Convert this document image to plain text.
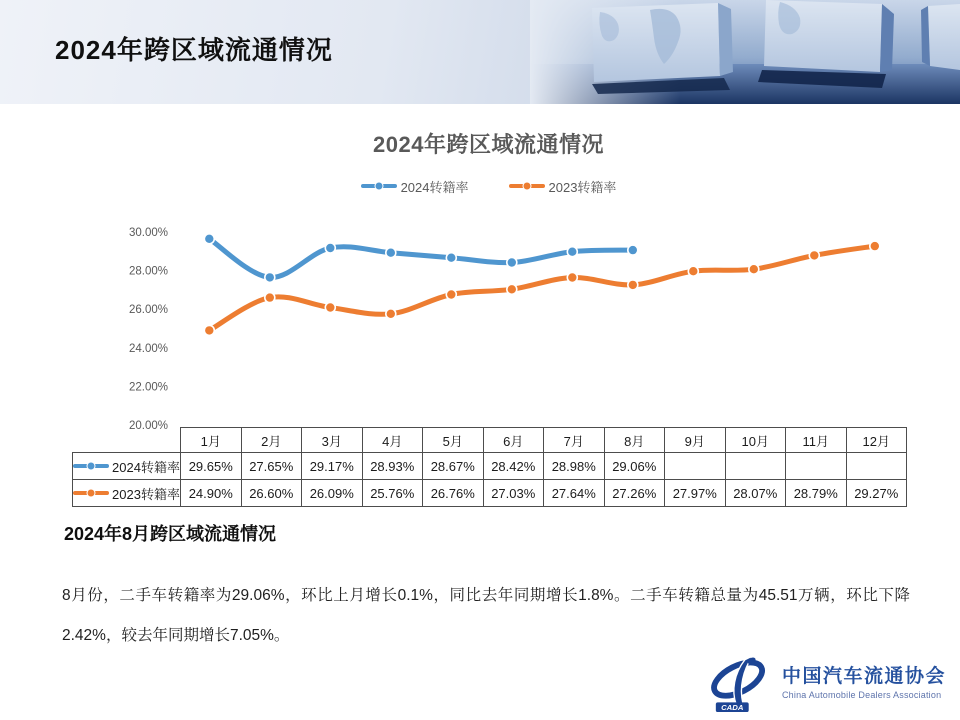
2024年跨区域流通情况
2024年跨区域流通情况
2024转籍率	2023转籍率
30.00%
28.00%
26.00%
24.00%
22.00%
20.00%
	1月	2月	3月	4月	5月	6月	7月	8月	9月	10月	11月	12月

2024转籍率	29.65%	27.65%	29.17%	28.93%	28.67%	28.42%	28.98%	29.06%				

2023转籍率	24.90%	26.60%	26.09%	25.76%	26.76%	27.03%	27.64%	27.26%	27.97%	28.07%	28.79%	29.27%
2024年8月跨区域流通情况

8月份，二手车转籍率为29.06%，环比上月增长0.1%，同比去年同期增长1.8%。二手车转籍总量为45.51万辆，环比下降2.42%，较去年同期增长7.05%。

CADA
中国汽车流通协会
China Automobile Dealers Association
